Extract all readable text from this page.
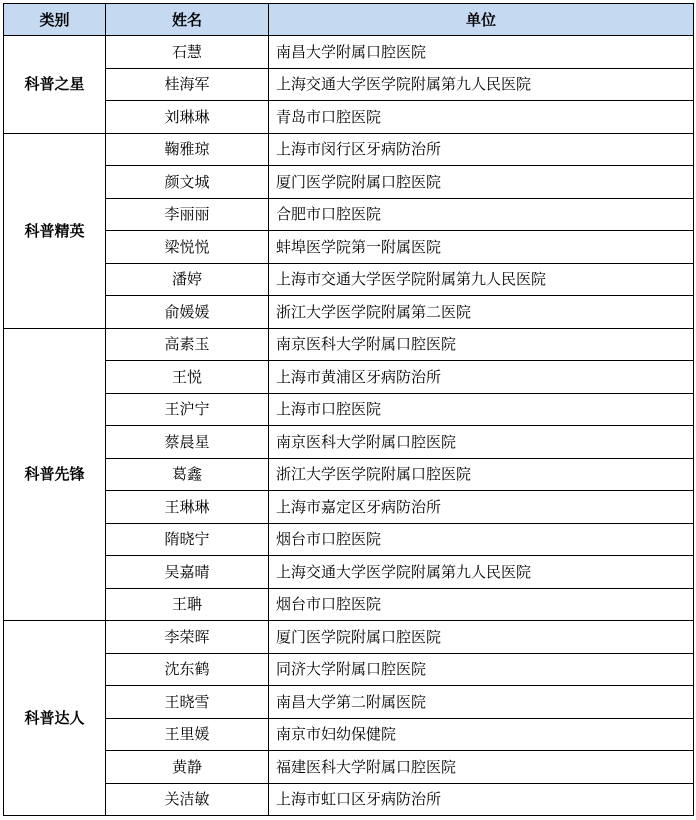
类别	姓名	单位
科普之星	石慧	南昌大学附属口腔医院
	桂海军	上海交通大学医学院附属第九人民医院
	刘琳琳	青岛市口腔医院
科普精英	鞠雅琼	上海市闵行区牙病防治所
	颜文城	厦门医学院附属口腔医院
	李丽丽	合肥市口腔医院
	梁悦悦	蚌埠医学院第一附属医院
	潘婷	上海市交通大学医学院附属第九人民医院
	俞媛媛	浙江大学医学院附属第二医院
科普先锋	高素玉	南京医科大学附属口腔医院
	王悦	上海市黄浦区牙病防治所
	王沪宁	上海市口腔医院
	蔡晨星	南京医科大学附属口腔医院
	葛鑫	浙江大学医学院附属口腔医院
	王琳琳	上海市嘉定区牙病防治所
	隋晓宁	烟台市口腔医院
	吴嘉晴	上海交通大学医学院附属第九人民医院
	王聃	烟台市口腔医院
科普达人	李荣晖	厦门医学院附属口腔医院
	沈东鹤	同济大学附属口腔医院
	王晓雪	南昌大学第二附属医院
	王里媛	南京市妇幼保健院
	黄静	福建医科大学附属口腔医院
	关洁敏	上海市虹口区牙病防治所
